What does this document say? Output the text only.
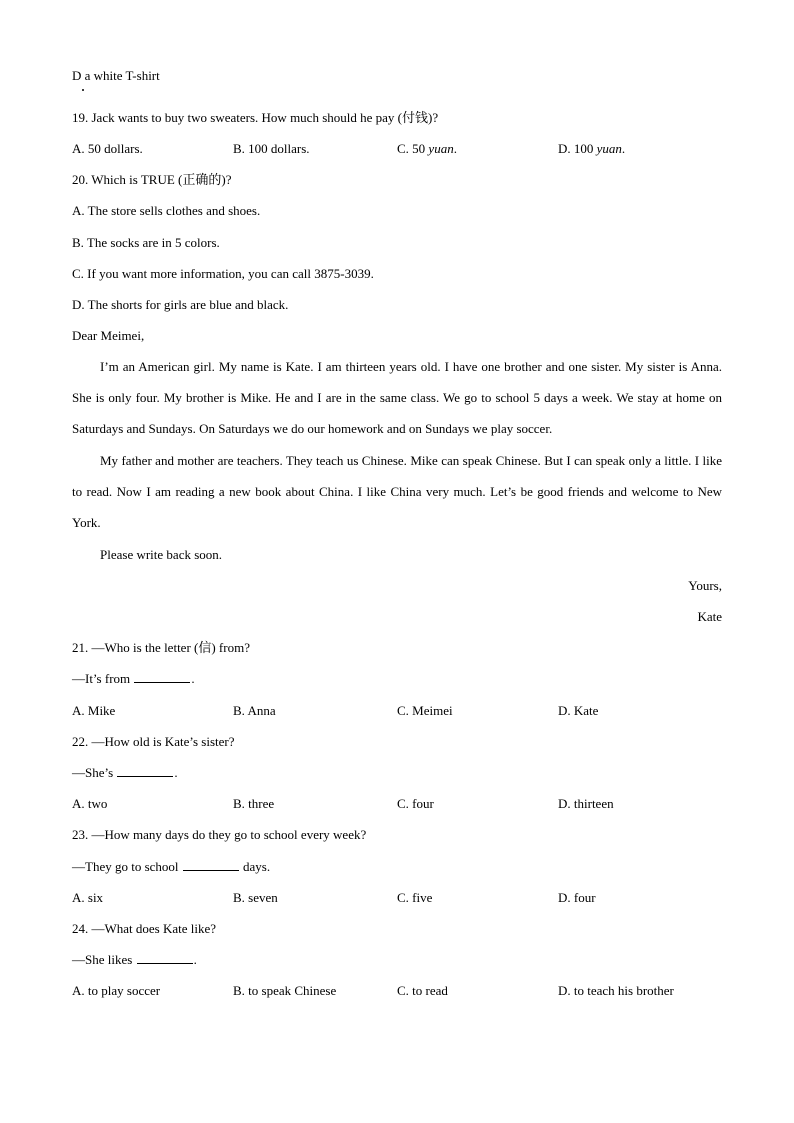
D a white T-shirt
19. Jack wants to buy two sweaters. How much should he pay (付钱)?
A. 50 dollars.	B. 100 dollars.	C. 50 yuan.	D. 100 yuan.
20. Which is TRUE (正确的)?
A. The store sells clothes and shoes.
B. The socks are in 5 colors.
C. If you want more information, you can call 3875-3039.
D. The shorts for girls are blue and black.
Dear Meimei,

I’m an American girl. My name is Kate. I am thirteen years old. I have one brother and one sister. My sister is Anna. She is only four. My brother is Mike. He and I are in the same class. We go to school 5 days a week. We stay at home on Saturdays and Sundays. On Saturdays we do our homework and on Sundays we play soccer.

My father and mother are teachers. They teach us Chinese. Mike can speak Chinese. But I can speak only a little. I like to read. Now I am reading a new book about China. I like China very much. Let’s be good friends and welcome to New York.

Please write back soon.

Yours,
Kate
21. —Who is the letter (信) from?
—It’s from	.
A. Mike	B. Anna	C. Meimei	D. Kate
22. —How old is Kate’s sister?
—She’s	.
A. two	B. three	C. four	D. thirteen
23. —How many days do they go to school every week?
—They go to school	days.
A. six	B. seven	C. five	D. four
24. —What does Kate like?
—She likes	.
A. to play soccer	B. to speak Chinese	C. to read	D. to teach his brother
